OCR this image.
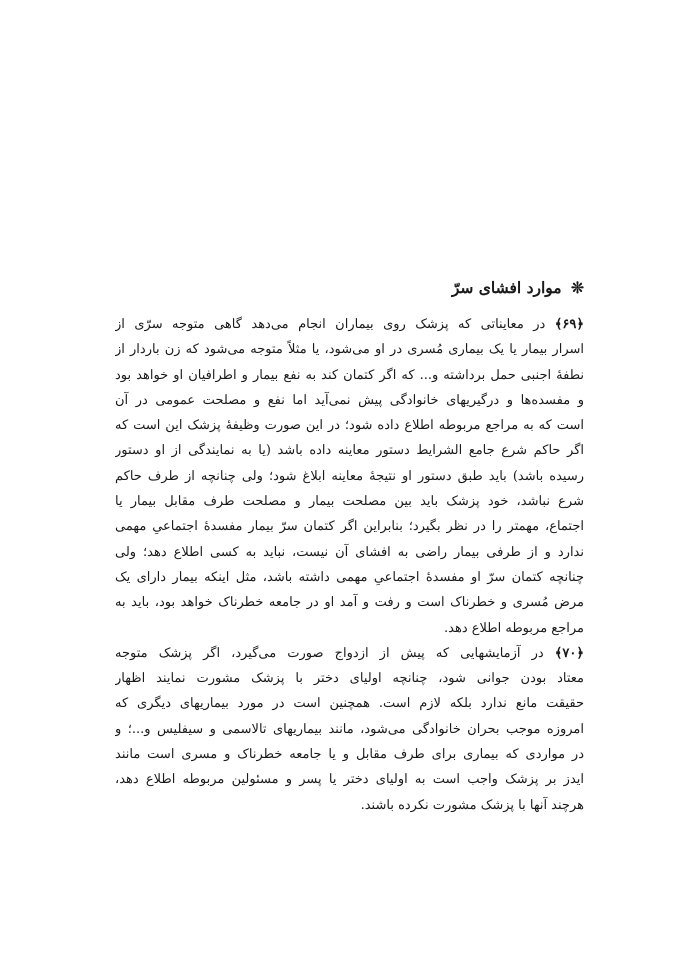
❊ موارد افشای سرّ
﴿۶۹﴾ در معایناتی که پزشک روی بیماران انجام می‌دهد گاهی متوجه سرّی از
اسرار بیمار یا یک بیماری مُسری در او می‌شود، یا مثلاً متوجه می‌شود که زن باردار از
نطفهٔ اجنبی حمل برداشته و... که اگر کتمان کند به نفع بیمار و اطرافیان او خواهد بود
و مفسده‌ها و درگیریهای خانوادگی پیش نمی‌آید اما نفع و مصلحت عمومی در آن
است که به مراجع مربوطه اطلاع داده شود؛ در این صورت وظیفهٔ پزشک این است که
اگر حاکم شرع جامع الشرایط دستور معاینه داده باشد (یا به نمایندگی از او دستور
رسیده باشد) باید طبق دستور او نتیجهٔ معاینه ابلاغ شود؛ ولی چنانچه از طرف حاکم
شرع نباشد، خود پزشک باید بین مصلحت بیمار و مصلحت طرف مقابل بیمار یا
اجتماع، مهمتر را در نظر بگیرد؛ بنابراین اگر کتمان سرّ بیمار مفسدهٔ اجتماعیِ مهمی
ندارد و از طرفی بیمار راضی به افشای آن نیست، نباید به کسی اطلاع دهد؛ ولی
چنانچه کتمان سرّ او مفسدهٔ اجتماعیِ مهمی داشته باشد، مثل اینکه بیمار دارای یک
مرض مُسری و خطرناک است و رفت و آمد او در جامعه خطرناک خواهد بود، باید به
مراجع مربوطه اطلاع دهد.
﴿۷۰﴾ در آزمایشهایی که پیش از ازدواج صورت می‌گیرد، اگر پزشک متوجه
معتاد بودن جوانی شود، چنانچه اولیای دختر با پزشک مشورت نمایند اظهار
حقیقت مانع ندارد بلکه لازم است. همچنین است در مورد بیماریهای دیگری که
امروزه موجب بحران خانوادگی می‌شود، مانند بیماریهای تالاسمی و سیفلیس و...؛ و
در مواردی که بیماری برای طرف مقابل و یا جامعه خطرناک و مسری است مانند
ایدز بر پزشک واجب است به اولیای دختر یا پسر و مسئولین مربوطه اطلاع دهد،
هرچند آنها با پزشک مشورت نکرده باشند.
